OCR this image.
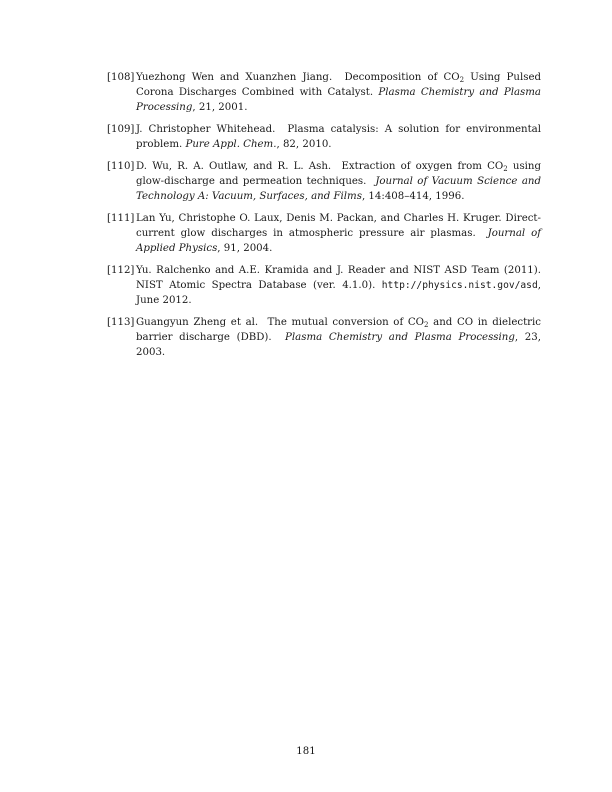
[108] Yuezhong Wen and Xuanzhen Jiang. Decomposition of $CO_2$ Using Pulsed Corona Discharges Combined with Catalyst. Plasma Chemistry and Plasma Processing, 21, 2001.
[109] J. Christopher Whitehead. Plasma catalysis: A solution for environmental problem. Pure Appl. Chem., 82, 2010.
[110] D. Wu, R. A. Outlaw, and R. L. Ash. Extraction of oxygen from $CO_2$ using glow-discharge and permeation techniques. Journal of Vacuum Science and Technology A: Vacuum, Surfaces, and Films, 14:408–414, 1996.
[111] Lan Yu, Christophe O. Laux, Denis M. Packan, and Charles H. Kruger. Direct-current glow discharges in atmospheric pressure air plasmas. Journal of Applied Physics, 91, 2004.
[112] Yu. Ralchenko and A.E. Kramida and J. Reader and NIST ASD Team (2011). NIST Atomic Spectra Database (ver. 4.1.0). http://physics.nist.gov/asd, June 2012.
[113] Guangyun Zheng et al. The mutual conversion of $CO_2$ and CO in dielectric barrier discharge (DBD). Plasma Chemistry and Plasma Processing, 23, 2003.
181
